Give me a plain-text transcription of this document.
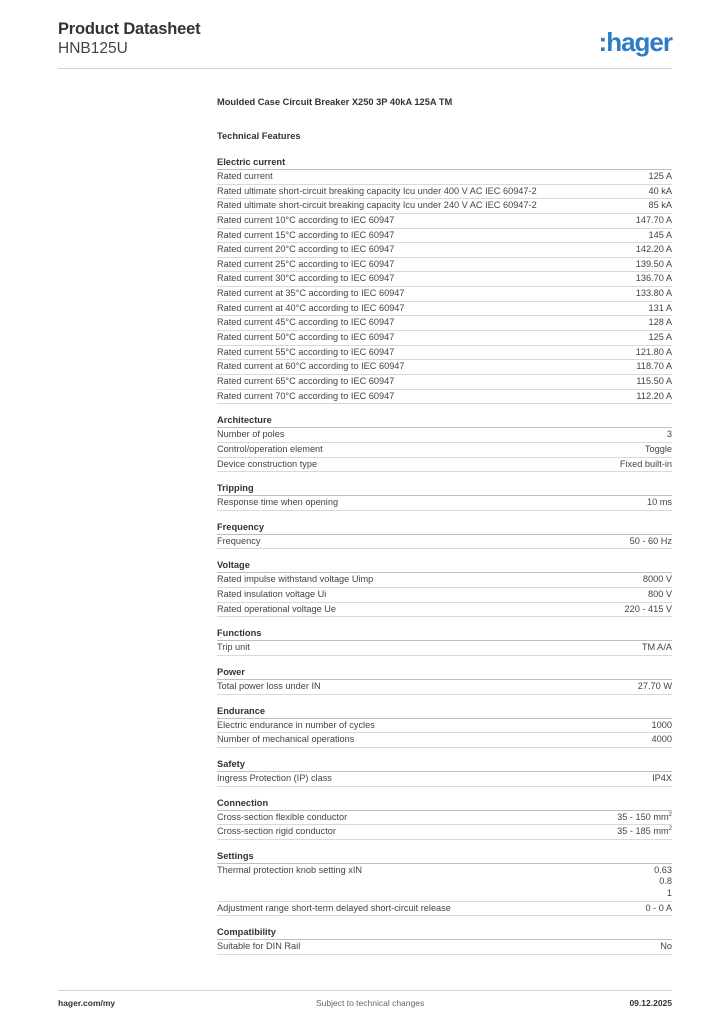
Product Datasheet
HNB125U	:hager
Moulded Case Circuit Breaker X250 3P 40kA 125A TM
Technical Features
Electric current
Rated current	125 A
Rated ultimate short-circuit breaking capacity Icu under 400 V AC IEC 60947-2	40 kA
Rated ultimate short-circuit breaking capacity Icu under 240 V AC IEC 60947-2	85 kA
Rated current 10°C according to IEC 60947	147.70 A
Rated current 15°C according to IEC 60947	145 A
Rated current 20°C according to IEC 60947	142.20 A
Rated current 25°C according to IEC 60947	139.50 A
Rated current 30°C according to IEC 60947	136.70 A
Rated current at 35°C according to IEC 60947	133.80 A
Rated current at 40°C according to IEC 60947	131 A
Rated current 45°C according to IEC 60947	128 A
Rated current 50°C according to IEC 60947	125 A
Rated current 55°C according to IEC 60947	121.80 A
Rated current at 60°C according to IEC 60947	118.70 A
Rated current 65°C according to IEC 60947	115.50 A
Rated current 70°C according to IEC 60947	112.20 A
Architecture
Number of poles	3
Control/operation element	Toggle
Device construction type	Fixed built-in
Tripping
Response time when opening	10 ms
Frequency
Frequency	50 - 60 Hz
Voltage
Rated impulse withstand voltage Uimp	8000 V
Rated insulation voltage Ui	800 V
Rated operational voltage Ue	220 - 415 V
Functions
Trip unit	TM A/A
Power
Total power loss under IN	27.70 W
Endurance
Electric endurance in number of cycles	1000
Number of mechanical operations	4000
Safety
Ingress Protection (IP) class	IP4X
Connection
Cross-section flexible conductor	35 - 150 $mm^2$
Cross-section rigid conductor	35 - 185 $mm^2$
Settings
Thermal protection knob setting xIN	0.63
0.8
1
Adjustment range short-term delayed short-circuit release	0 - 0 A
Compatibility
Suitable for DIN Rail	No
hager.com/my	Subject to technical changes	09.12.2025
